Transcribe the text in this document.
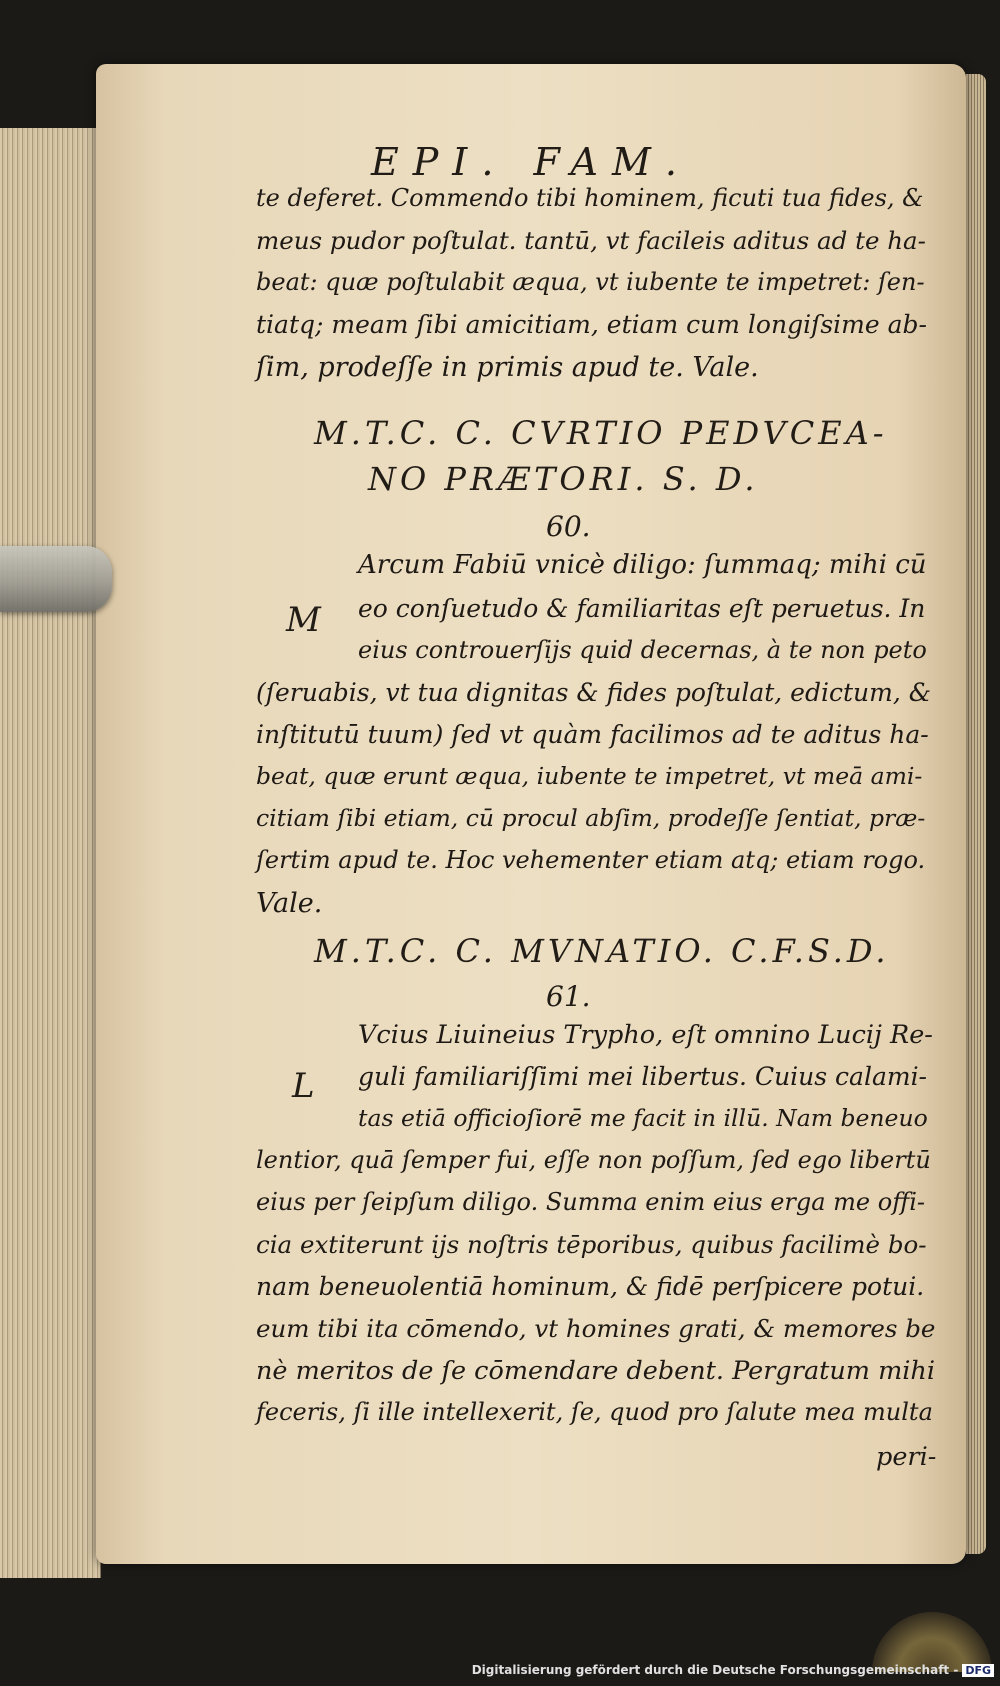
EPI. FAM.

te deferet. Commendo tibi hominem, ficuti tua fides, &

meus pudor poſtulat. tantū, vt facileis aditus ad te ha-

beat: quæ poſtulabit æqua, vt iubente te impetret: ſen-

tiatq; meam ſibi amicitiam, etiam cum longiſsime ab-

ſim, prodeſſe in primis apud te. Vale.

M.T.C. C. CVRTIO PEDVCEA-

NO PRÆTORI. S. D.

60.

M

Arcum Fabiū vnicè diligo: ſummaq; mihi cū

eo conſuetudo & familiaritas eſt peruetus. In

eius controuerſijs quid decernas, à te non peto

(ſeruabis, vt tua dignitas & fides poſtulat, edictum, &

inſtitutū tuum) ſed vt quàm facilimos ad te aditus ha-

beat, quæ erunt æqua, iubente te impetret, vt meā ami-

citiam ſibi etiam, cū procul abſim, prodeſſe ſentiat, præ-

ſertim apud te. Hoc vehementer etiam atq; etiam rogo.

Vale.

M.T.C. C. MVNATIO. C.F.S.D.

61.

L

Vcius Liuineius Trypho, eſt omnino Lucij Re-

guli familiariſſimi mei libertus. Cuius calami-

tas etiā officioſiorē me facit in illū. Nam beneuo

lentior, quā ſemper fui, eſſe non poſſum, ſed ego libertū

eius per ſeipſum diligo. Summa enim eius erga me offi-

cia extiterunt ijs noſtris tēporibus, quibus facilimè bo-

nam beneuolentiā hominum, & fidē perſpicere potui.

eum tibi ita cōmendo, vt homines grati, & memores be

nè meritos de ſe cōmendare debent. Pergratum mihi

feceris, ſi ille intellexerit, ſe, quod pro ſalute mea multa

peri-

Digitalisierung gefördert durch die Deutsche Forschungsgemeinschaft - DFG
